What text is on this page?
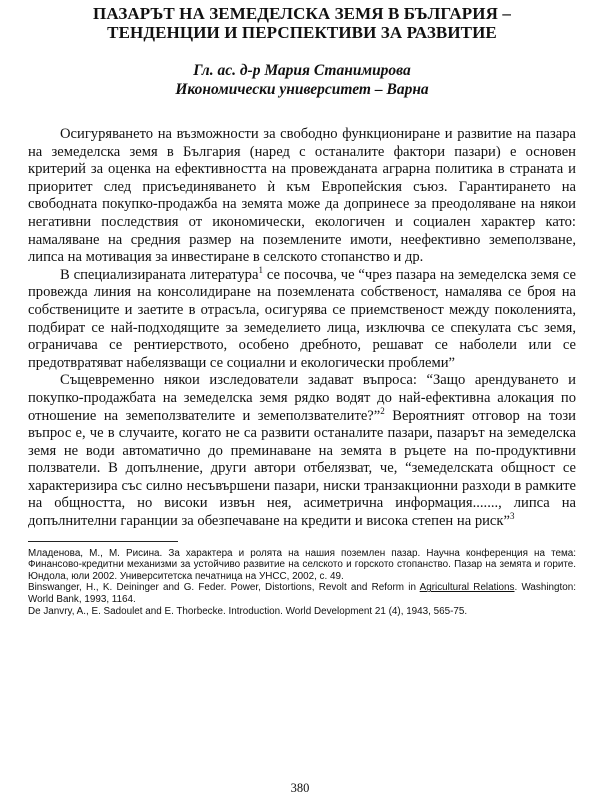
ПАЗАРЪТ НА ЗЕМЕДЕЛСКА ЗЕМЯ В БЪЛГАРИЯ –
ТЕНДЕНЦИИ И ПЕРСПЕКТИВИ ЗА РАЗВИТИЕ
Гл. ас. д-р Мария Станимирова
Икономически университет – Варна

Осигуряването на възможности за свободно функциониране и развитие на пазара на земеделска земя в България (наред с останалите фактори пазари) е основен критерий за оценка на ефективността на провежданата аграрна политика в страната и приоритет след присъединяването ѝ към Европейския съюз. Гарантирането на свободната покупко-продажба на земята може да допринесе за преодоляване на някои негативни последствия от икономически, екологичен и социален характер като: намаляване на средния размер на поземлените имоти, неефективно земеползване, липса на мотивация за инвестиране в селското стопанство и др.

В специализираната литература$^1$ се посочва, че “чрез пазара на земеделска земя се провежда линия на консолидиране на поземлената собственост, намалява се броя на собствениците и заетите в отрасъла, осигурява се приемственост между поколенията, подбират се най-подходящите за земеделието лица, изключва се спекулата със земя, ограничава се рентиерството, особено дребното, решават се наболели или се предотвратяват набелязващи се социални и екологически проблеми”

Същевременно някои изследователи задават въпроса: “Защо арендуването и покупко-продажбата на земеделска земя рядко водят до най-ефективна алокация по отношение на земеползвателите и земеползвателите?”$^2$ Вероятният отговор на този въпрос е, че в случаите, когато не са развити останалите пазари, пазарът на земеделска земя не води автоматично до преминаване на земята в ръцете на по-продуктивни ползватели. В допълнение, други автори отбелязват, че, “земеделската общност се характеризира със силно несъвършени пазари, ниски транзакционни разходи в рамките на общността, но високи извън нея, асиметрична информация......., липса на допълнителни гаранции за обезпечаване на кредити и висока степен на риск”$^3$

Младенова, М., М. Рисина. За характера и ролята на нашия поземлен пазар. Научна конференция на тема: Финансово-кредитни механизми за устойчиво развитие на селското и горското стопанство. Пазар на земята и горите. Юндола, юли 2002. Университетска печатница на УНСС, 2002, с. 49.

Binswanger, H., K. Deininger and G. Feder. Power, Distortions, Revolt and Reform in Agricultural Relations. Washington: World Bank, 1993, 1164.

De Janvry, A., E. Sadoulet and E. Thorbecke. Introduction. World Development 21 (4), 1943, 565-75.

380
